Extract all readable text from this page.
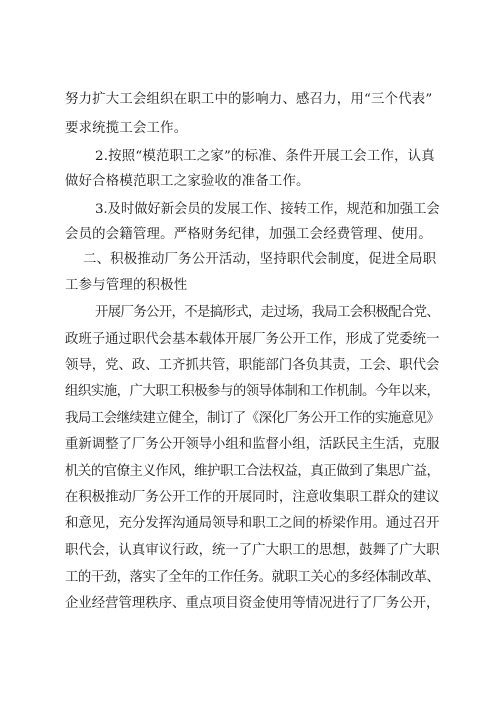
努力扩大工会组织在职工中的影响力、感召力，用“三个代表”
要求统揽工会工作。
2.按照“模范职工之家”的标准、条件开展工会工作，认真
做好合格模范职工之家验收的准备工作。
3.及时做好新会员的发展工作、接转工作，规范和加强工会
会员的会籍管理。严格财务纪律，加强工会经费管理、使用。
二、积极推动厂务公开活动，坚持职代会制度，促进全局职
工参与管理的积极性
开展厂务公开，不是搞形式，走过场，我局工会积极配合党、
政班子通过职代会基本载体开展厂务公开工作，形成了党委统一
领导，党、政、工齐抓共管，职能部门各负其责，工会、职代会
组织实施，广大职工积极参与的领导体制和工作机制。今年以来，
我局工会继续建立健全，制订了《深化厂务公开工作的实施意见》
重新调整了厂务公开领导小组和监督小组，活跃民主生活，克服
机关的官僚主义作风，维护职工合法权益，真正做到了集思广益，
在积极推动厂务公开工作的开展同时，注意收集职工群众的建议
和意见，充分发挥沟通局领导和职工之间的桥梁作用。通过召开
职代会，认真审议行政，统一了广大职工的思想，鼓舞了广大职
工的干劲，落实了全年的工作任务。就职工关心的多经体制改革、
企业经营管理秩序、重点项目资金使用等情况进行了厂务公开，
